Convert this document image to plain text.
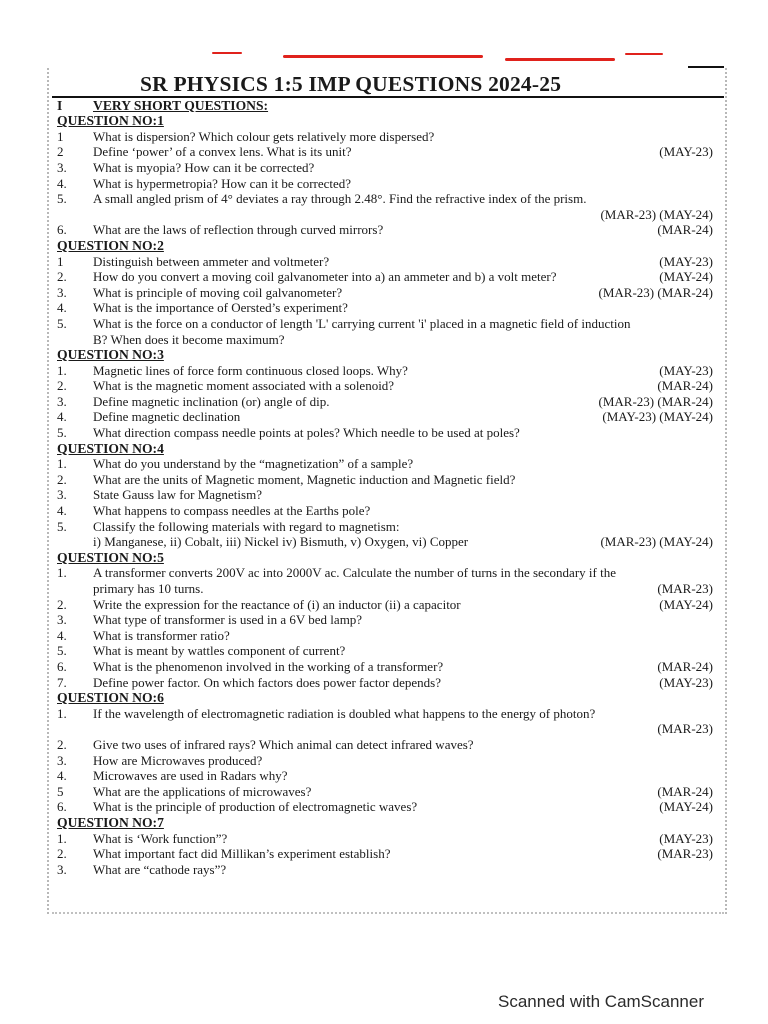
SR PHYSICS 1:5 IMP QUESTIONS 2024-25
I	VERY SHORT QUESTIONS:
QUESTION NO:1
1	What is dispersion? Which colour gets relatively more dispersed?
2	Define ‘power’ of a convex lens. What is its unit?	(MAY-23)
3.	What is myopia? How can it be corrected?
4.	What is hypermetropia? How can it be corrected?
5.	A small angled prism of 4° deviates a ray through 2.48°. Find the refractive index of the prism.
(MAR-23) (MAY-24)
6.	What are the laws of reflection through curved mirrors?	(MAR-24)
QUESTION NO:2
1	Distinguish between ammeter and voltmeter?	(MAY-23)
2.	How do you convert a moving coil galvanometer into a) an ammeter and b) a volt meter?	(MAY-24)
3.	What is principle of moving coil galvanometer?	(MAR-23) (MAR-24)
4.	What is the importance of Oersted’s experiment?
5.	What is the force on a conductor of length 'L' carrying current 'i' placed in a magnetic field of induction
B? When does it become maximum?
QUESTION NO:3
1.	Magnetic lines of force form continuous closed loops. Why?	(MAY-23)
2.	What is the magnetic moment associated with a solenoid?	(MAR-24)
3.	Define magnetic inclination (or) angle of dip.	(MAR-23) (MAR-24)
4.	Define magnetic declination	(MAY-23) (MAY-24)
5.	What direction compass needle points at poles? Which needle to be used at poles?
QUESTION NO:4
1.	What do you understand by the “magnetization” of a sample?
2.	What are the units of Magnetic moment, Magnetic induction and Magnetic field?
3.	State Gauss law for Magnetism?
4.	What happens to compass needles at the Earths pole?
5.	Classify the following materials with regard to magnetism:
i) Manganese, ii) Cobalt, iii) Nickel iv) Bismuth, v) Oxygen, vi) Copper	(MAR-23) (MAY-24)
QUESTION NO:5
1.	A transformer converts 200V ac into 2000V ac. Calculate the number of turns in the secondary if the
primary has 10 turns.	(MAR-23)
2.	Write the expression for the reactance of (i) an inductor (ii) a capacitor	(MAY-24)
3.	What type of transformer is used in a 6V bed lamp?
4.	What is transformer ratio?
5.	What is meant by wattles component of current?
6.	What is the phenomenon involved in the working of a transformer?	(MAR-24)
7.	Define power factor. On which factors does power factor depends?	(MAY-23)
QUESTION NO:6
1.	If the wavelength of electromagnetic radiation is doubled what happens to the energy of photon?
(MAR-23)
2.	Give two uses of infrared rays? Which animal can detect infrared waves?
3.	How are Microwaves produced?
4.	Microwaves are used in Radars why?
5	What are the applications of microwaves?	(MAR-24)
6.	What is the principle of production of electromagnetic waves?	(MAY-24)
QUESTION NO:7
1.	What is ‘Work function”?	(MAY-23)
2.	What important fact did Millikan’s experiment establish?	(MAR-23)
3.	What are “cathode rays”?
Scanned with CamScanner
